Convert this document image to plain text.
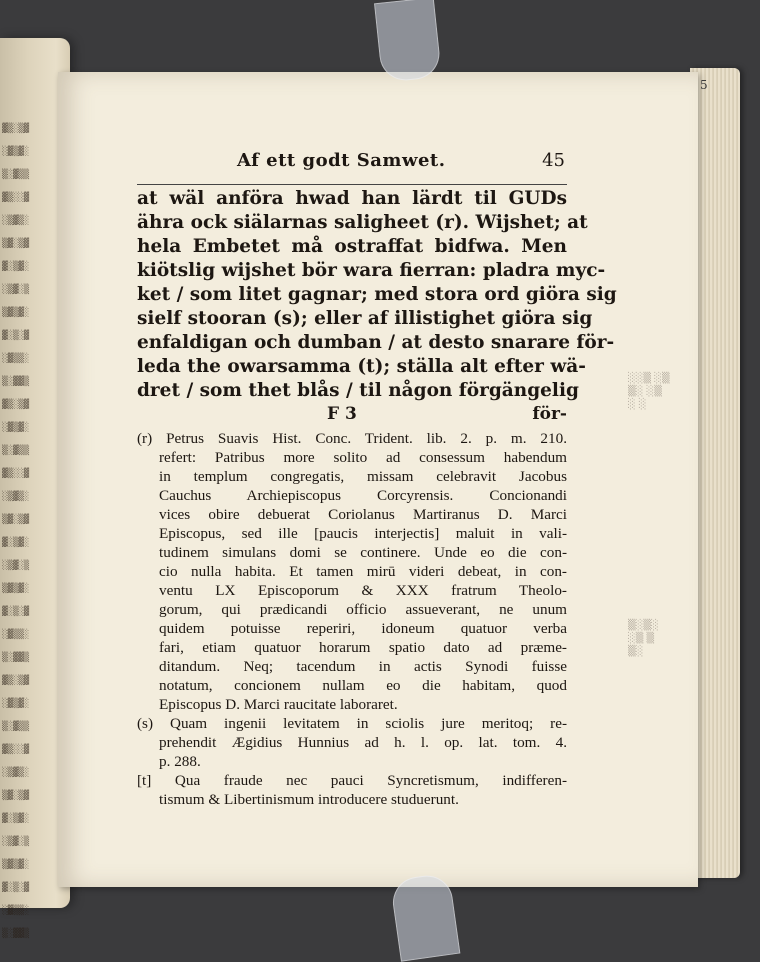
▓▒░▒▓
░▓▒▓░
▒░▓▒▒
▓▒░░▓
░▒▓▒░
▒▓░▒▓
▓░▒▓░
░▒▓░▒
▒▓▒▓░
▓░▒░▓
░▓▒▒░
▒░▓▓▒
▓▒░▒▓
░▓▒▓░
▒░▓▒▒
▓▒░░▓
░▒▓▒░
▒▓░▒▓
▓░▒▓░
░▒▓░▒
▒▓▒▓░
▓░▒░▓
░▓▒▒░
▒░▓▓▒
▓▒░▒▓
░▓▒▓░
▒░▓▒▒
▓▒░░▓
░▒▓▒░
▒▓░▒▓
▓░▒▓░
░▒▓░▒
▒▓▒▓░
▓░▒░▓
░▓▒▒░
▒░▓▓▒
░░▒ ░▒
▒░ ░▒
░ ░

▒░▒░
░▒ ▒
▒░
5
Af ett godt Samwet.	45
at wäl anföra hwad han lärdt til GUDs
ähra ock siälarnas saligheet (r). Wijshet; at
hela Embetet må ostraffat bidfwa. Men
kiötslig wijshet bör wara fierran: pladra myc-
ket / som litet gagnar; med stora ord giöra sig
sielf stooran (s); eller af illistighet giöra sig
enfaldigan och dumban / at desto snarare för-
leda the owarsamma (t); ställa alt efter wä-
dret / som thet blås / til någon förgängelig
F 3	för-
(r) Petrus Suavis Hist. Conc. Trident. lib. 2. p. m. 210.
refert: Patribus more solito ad consessum habendum
in templum congregatis, missam celebravit Jacobus
Cauchus Archiepiscopus Corcyrensis. Concionandi
vices obire debuerat Coriolanus Martiranus D. Marci
Episcopus, sed ille [paucis interjectis] maluit in vali-
tudinem simulans domi se continere. Unde eo die con-
cio nulla habita. Et tamen mirū videri debeat, in con-
ventu LX Episcoporum & XXX fratrum Theolo-
gorum, qui prædicandi officio assueverant, ne unum
quidem potuisse reperiri, idoneum quatuor verba
fari, etiam quatuor horarum spatio dato ad præme-
ditandum. Neq; tacendum in actis Synodi fuisse
notatum, concionem nullam eo die habitam, quod
Episcopus D. Marci raucitate laboraret.
(s) Quam ingenii levitatem in sciolis jure meritoq; re-
prehendit Ægidius Hunnius ad h. l. op. lat. tom. 4.
p. 288.
[t] Qua fraude nec pauci Syncretismum, indifferen-
tismum & Libertinismum introducere studuerunt.
